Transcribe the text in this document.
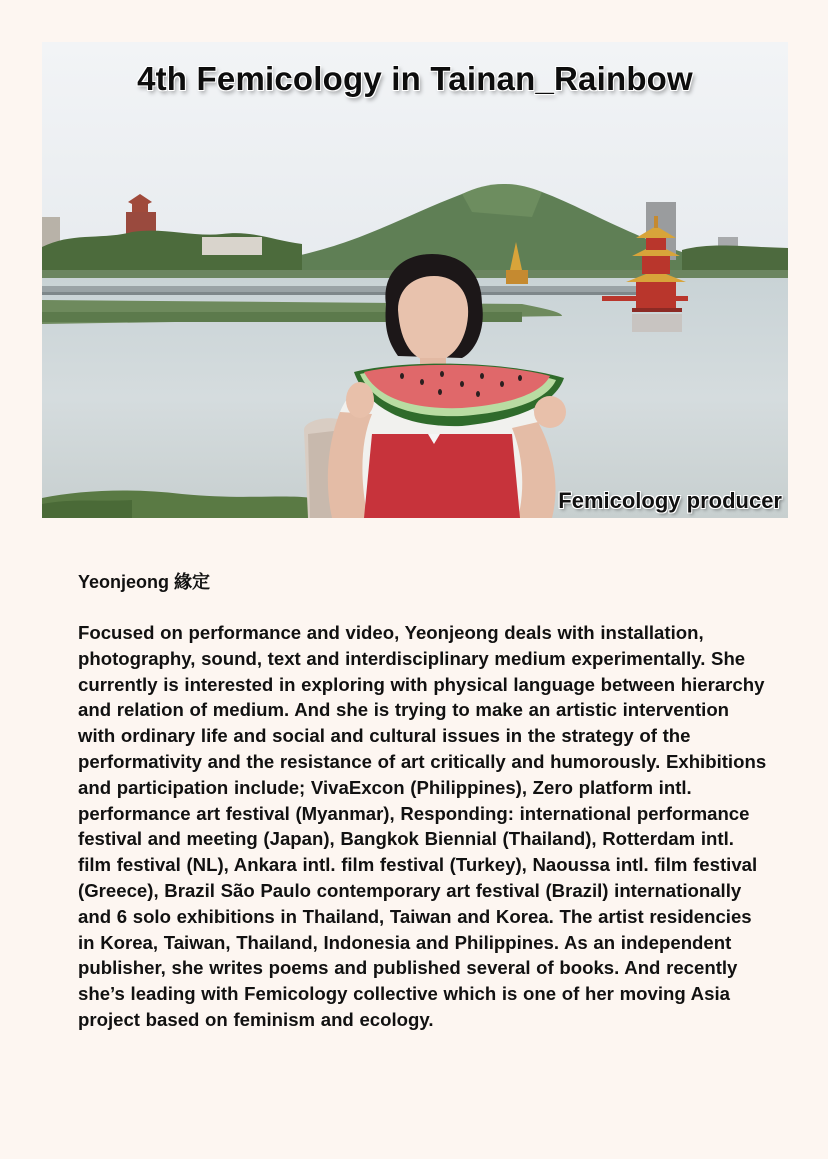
4th Femicology in Tainan_Rainbow
Femicology producer
Yeonjeong 緣定

Focused on performance and video, Yeonjeong deals with installation, photography, sound, text and interdisciplinary medium experimentally. She currently is interested in exploring with physical language between hierarchy and relation of medium. And she is trying to make an artistic intervention with ordinary life and social and cultural issues in the strategy of the performativity and the resistance of art critically and humorously. Exhibitions and participation include; VivaExcon (Philippines), Zero platform intl. performance art festival (Myanmar), Responding: international performance festival and meeting (Japan), Bangkok Biennial (Thailand), Rotterdam intl. film festival (NL), Ankara intl. film festival (Turkey), Naoussa intl. film festival (Greece), Brazil São Paulo contemporary art festival (Brazil) internationally and 6 solo exhibitions in Thailand, Taiwan and Korea. The artist residencies in Korea, Taiwan, Thailand, Indonesia and Philippines. As an independent publisher, she writes poems and published several of books. And recently she’s leading with Femicology collective which is one of her moving Asia project based on feminism and ecology.
